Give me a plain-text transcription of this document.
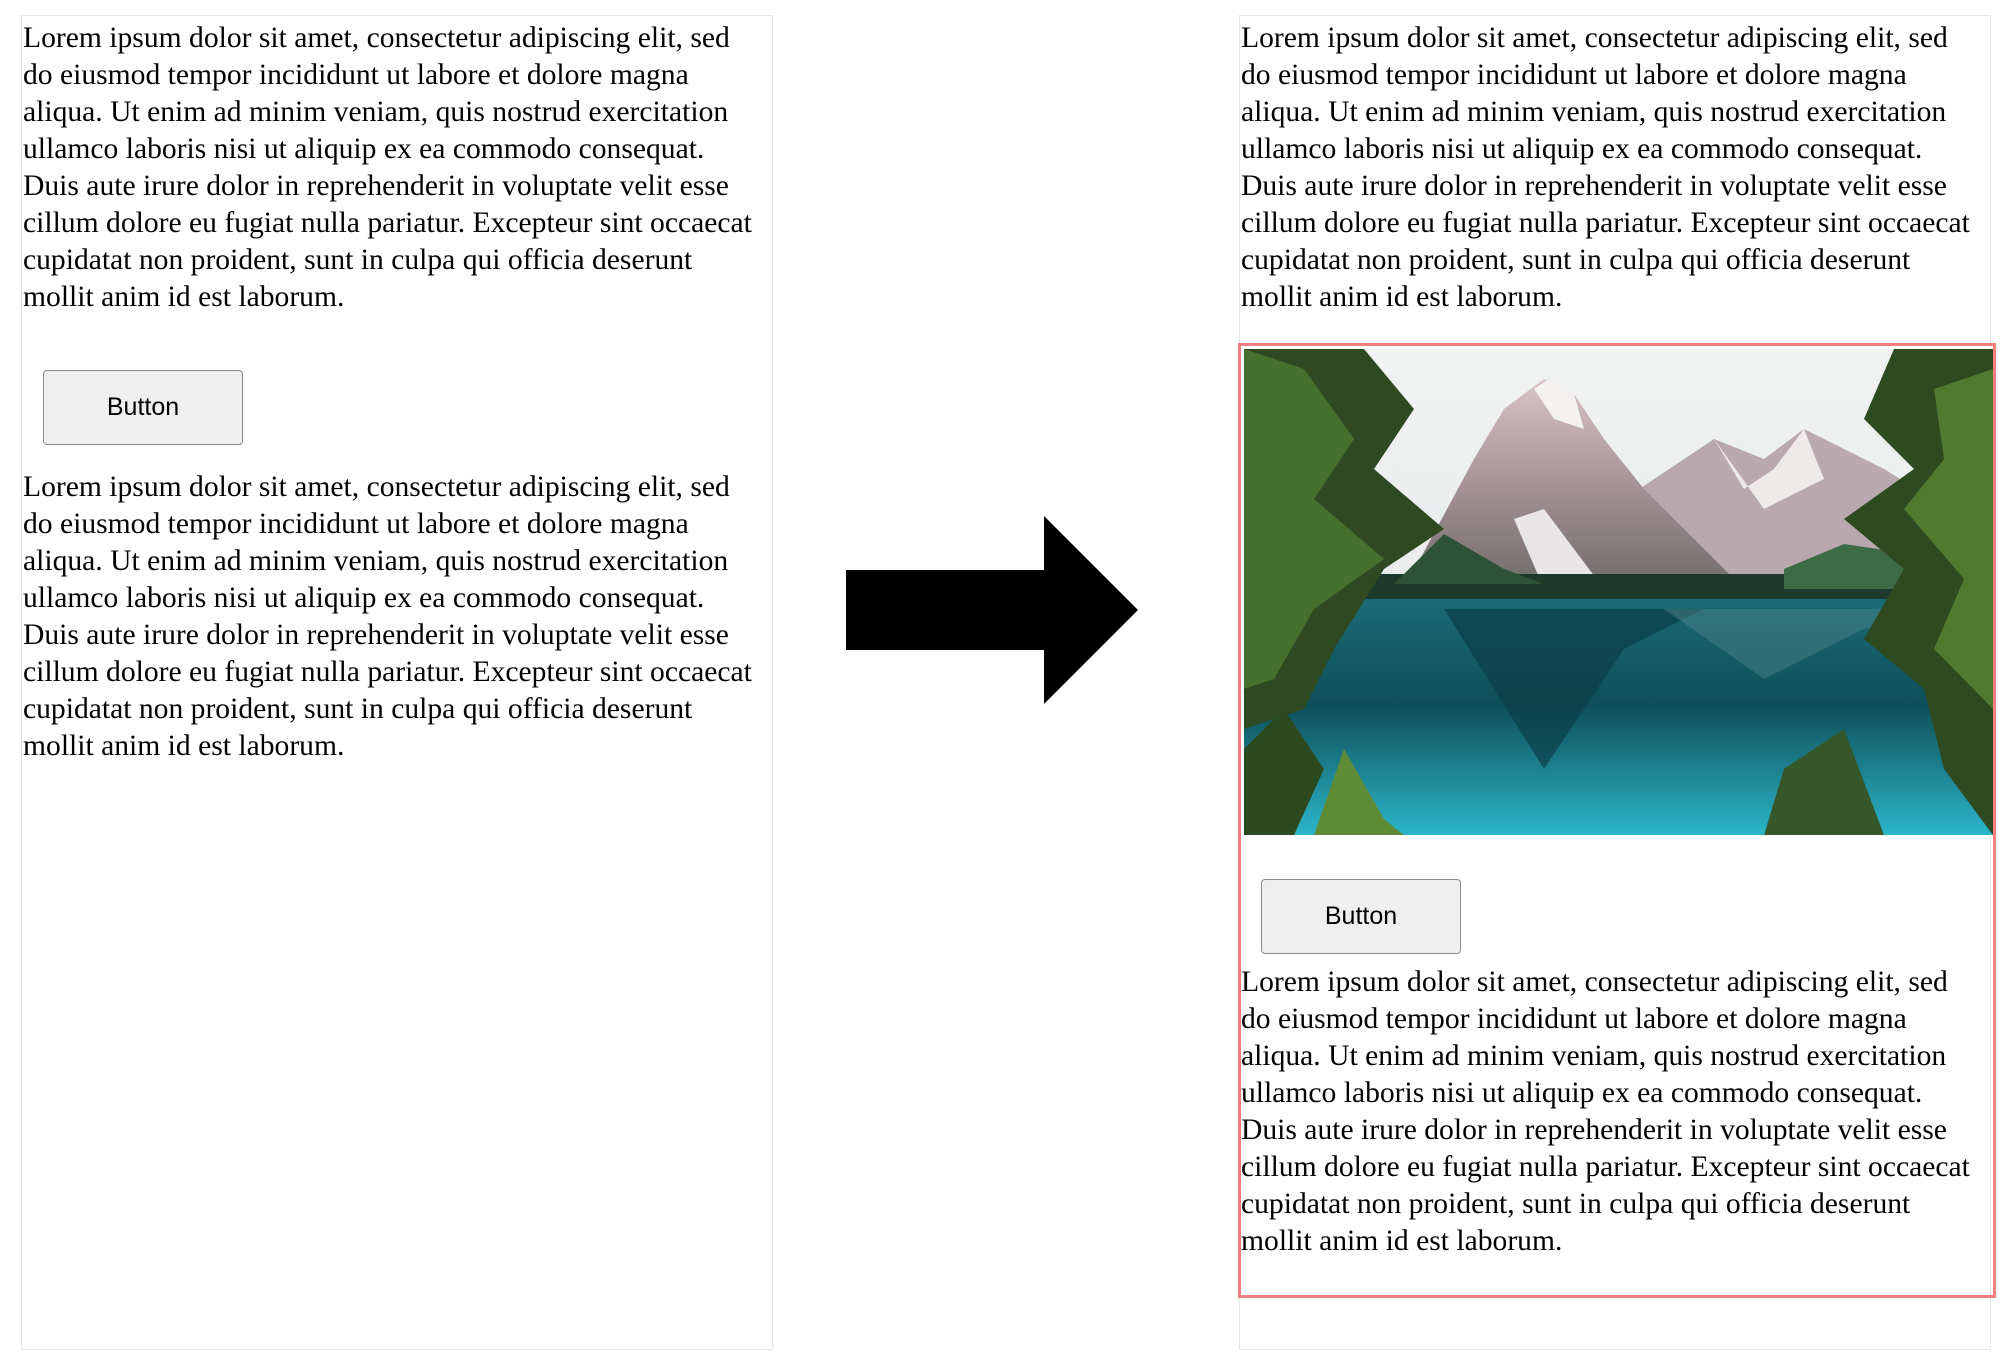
Lorem ipsum dolor sit amet, consectetur adipiscing elit, sed do eiusmod tempor incididunt ut labore et dolore magna aliqua. Ut enim ad minim veniam, quis nostrud exercitation ullamco laboris nisi ut aliquip ex ea commodo consequat. Duis aute irure dolor in reprehenderit in voluptate velit esse cillum dolore eu fugiat nulla pariatur. Excepteur sint occaecat cupidatat non proident, sunt in culpa qui officia deserunt mollit anim id est laborum.

Button

Lorem ipsum dolor sit amet, consectetur adipiscing elit, sed do eiusmod tempor incididunt ut labore et dolore magna aliqua. Ut enim ad minim veniam, quis nostrud exercitation ullamco laboris nisi ut aliquip ex ea commodo consequat. Duis aute irure dolor in reprehenderit in voluptate velit esse cillum dolore eu fugiat nulla pariatur. Excepteur sint occaecat cupidatat non proident, sunt in culpa qui officia deserunt mollit anim id est laborum.

Lorem ipsum dolor sit amet, consectetur adipiscing elit, sed do eiusmod tempor incididunt ut labore et dolore magna aliqua. Ut enim ad minim veniam, quis nostrud exercitation ullamco laboris nisi ut aliquip ex ea commodo consequat. Duis aute irure dolor in reprehenderit in voluptate velit esse cillum dolore eu fugiat nulla pariatur. Excepteur sint occaecat cupidatat non proident, sunt in culpa qui officia deserunt mollit anim id est laborum.

Button

Lorem ipsum dolor sit amet, consectetur adipiscing elit, sed do eiusmod tempor incididunt ut labore et dolore magna aliqua. Ut enim ad minim veniam, quis nostrud exercitation ullamco laboris nisi ut aliquip ex ea commodo consequat. Duis aute irure dolor in reprehenderit in voluptate velit esse cillum dolore eu fugiat nulla pariatur. Excepteur sint occaecat cupidatat non proident, sunt in culpa qui officia deserunt mollit anim id est laborum.
